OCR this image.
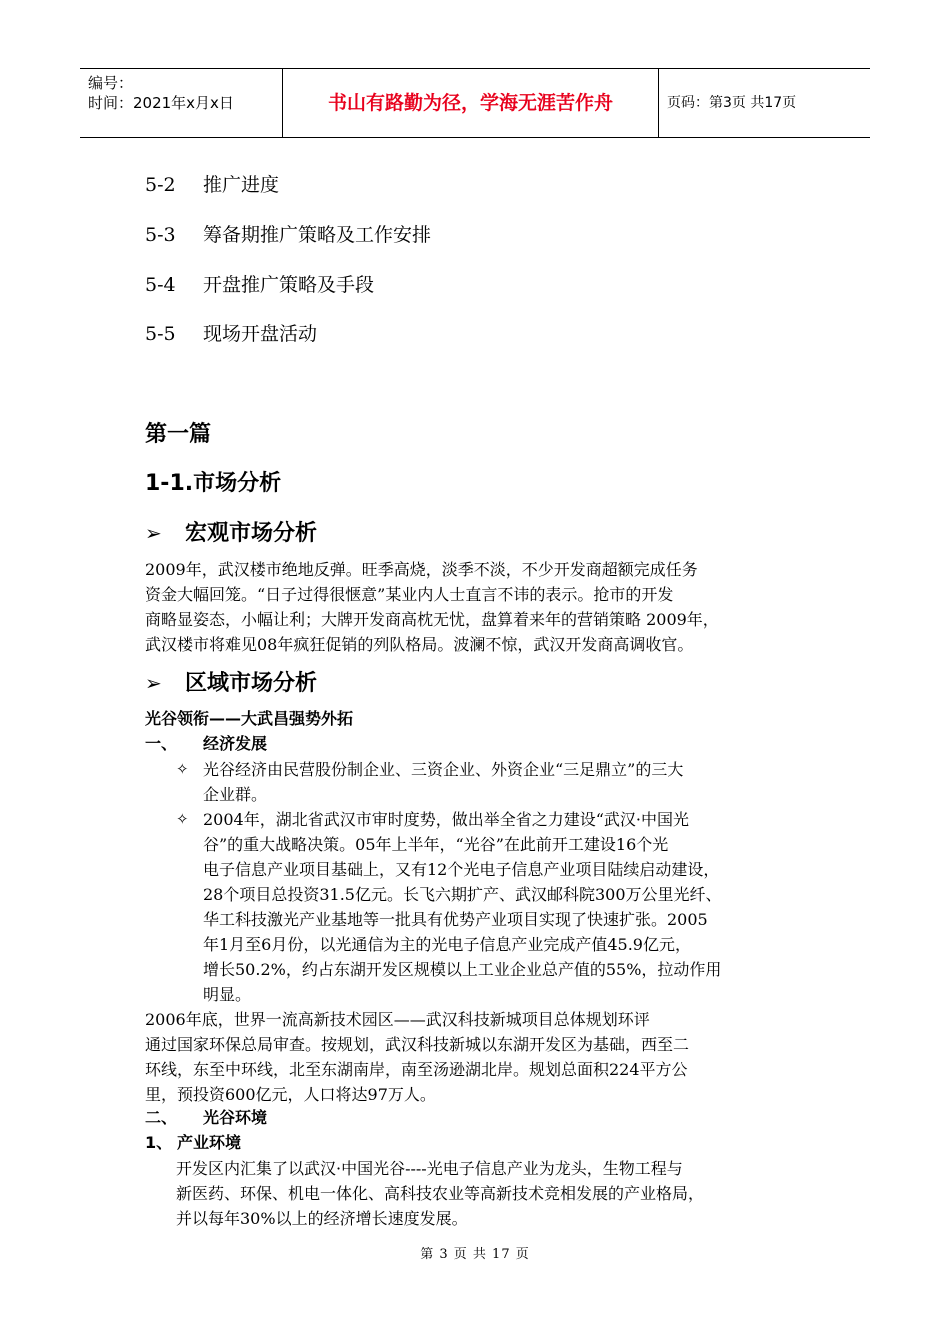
编号：
时间：2021年x月x日	书山有路勤为径，学海无涯苦作舟	页码：第3页 共17页
5-2 推广进度
5-3 筹备期推广策略及工作安排
5-4 开盘推广策略及手段
5-5 现场开盘活动
第一篇
1-1.市场分析
➢ 宏观市场分析
2009年，武汉楼市绝地反弹。旺季高烧，淡季不淡，不少开发商超额完成任务
资金大幅回笼。“日子过得很惬意”某业内人士直言不讳的表示。抢市的开发
商略显姿态，小幅让利；大牌开发商高枕无忧，盘算着来年的营销策略 2009年，
武汉楼市将难见08年疯狂促销的列队格局。波澜不惊，武汉开发商高调收官。
➢ 区域市场分析
光谷领衔——大武昌强势外拓
一、 经济发展
✧ 光谷经济由民营股份制企业、三资企业、外资企业“三足鼎立”的三大
企业群。
✧ 2004年，湖北省武汉市审时度势，做出举全省之力建设“武汉·中国光
谷”的重大战略决策。05年上半年，“光谷”在此前开工建设16个光
电子信息产业项目基础上，又有12个光电子信息产业项目陆续启动建设，
28个项目总投资31.5亿元。长飞六期扩产、武汉邮科院300万公里光纤、
华工科技激光产业基地等一批具有优势产业项目实现了快速扩张。2005
年1月至6月份，以光通信为主的光电子信息产业完成产值45.9亿元，
增长50.2%，约占东湖开发区规模以上工业企业总产值的55%，拉动作用
明显。
2006年底，世界一流高新技术园区——武汉科技新城项目总体规划环评
通过国家环保总局审查。按规划，武汉科技新城以东湖开发区为基础，西至二
环线，东至中环线，北至东湖南岸，南至汤逊湖北岸。规划总面积224平方公
里，预投资600亿元，人口将达97万人。
二、 光谷环境
1、 产业环境
开发区内汇集了以武汉·中国光谷----光电子信息产业为龙头，生物工程与
新医药、环保、机电一体化、高科技农业等高新技术竞相发展的产业格局，
并以每年30%以上的经济增长速度发展。
第 3 页 共 17 页
